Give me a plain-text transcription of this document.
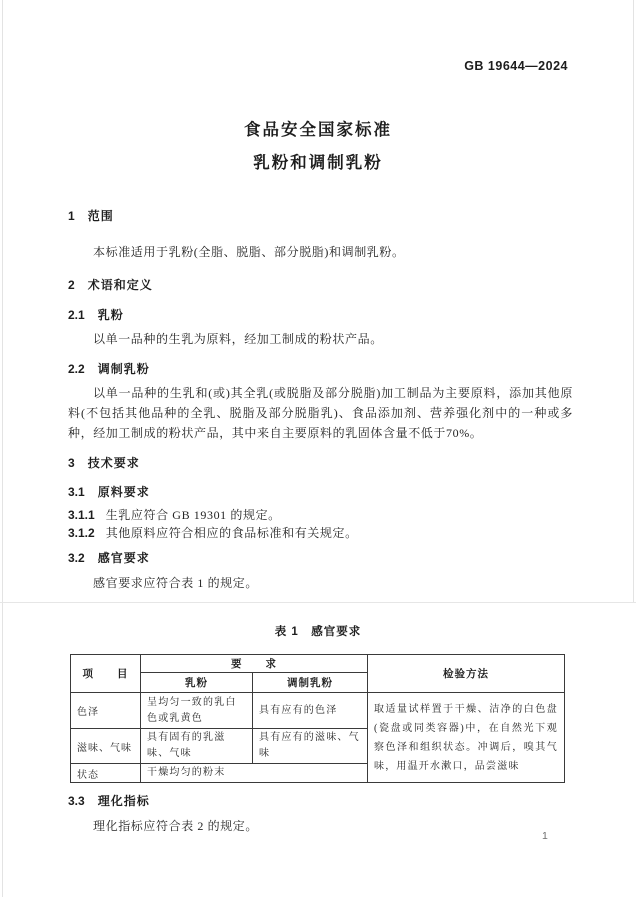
GB 19644—2024
食品安全国家标准
乳粉和调制乳粉
1 范围
本标准适用于乳粉(全脂、脱脂、部分脱脂)和调制乳粉。
2 术语和定义
2.1 乳粉
以单一品种的生乳为原料，经加工制成的粉状产品。
2.2 调制乳粉
以单一品种的生乳和(或)其全乳(或脱脂及部分脱脂)加工制品为主要原料，添加其他原料(不包括其他品种的全乳、脱脂及部分脱脂乳)、食品添加剂、营养强化剂中的一种或多种，经加工制成的粉状产品，其中来自主要原料的乳固体含量不低于70%。
3 技术要求
3.1 原料要求
3.1.1 生乳应符合 GB 19301 的规定。
3.1.2 其他原料应符合相应的食品标准和有关规定。
3.2 感官要求
感官要求应符合表 1 的规定。
表 1　感官要求
项　　目	要　　求		检验方法
	乳粉	调制乳粉	
色泽	呈均匀一致的乳白色或乳黄色	具有应有的色泽	取适量试样置于干燥、洁净的白色盘(瓷盘或同类容器)中，在自然光下观察色泽和组织状态。冲调后，嗅其气味，用温开水漱口，品尝滋味
滋味、气味	具有固有的乳滋味、气味	具有应有的滋味、气味	
状态	干燥均匀的粉末		
3.3 理化指标
理化指标应符合表 2 的规定。
1
